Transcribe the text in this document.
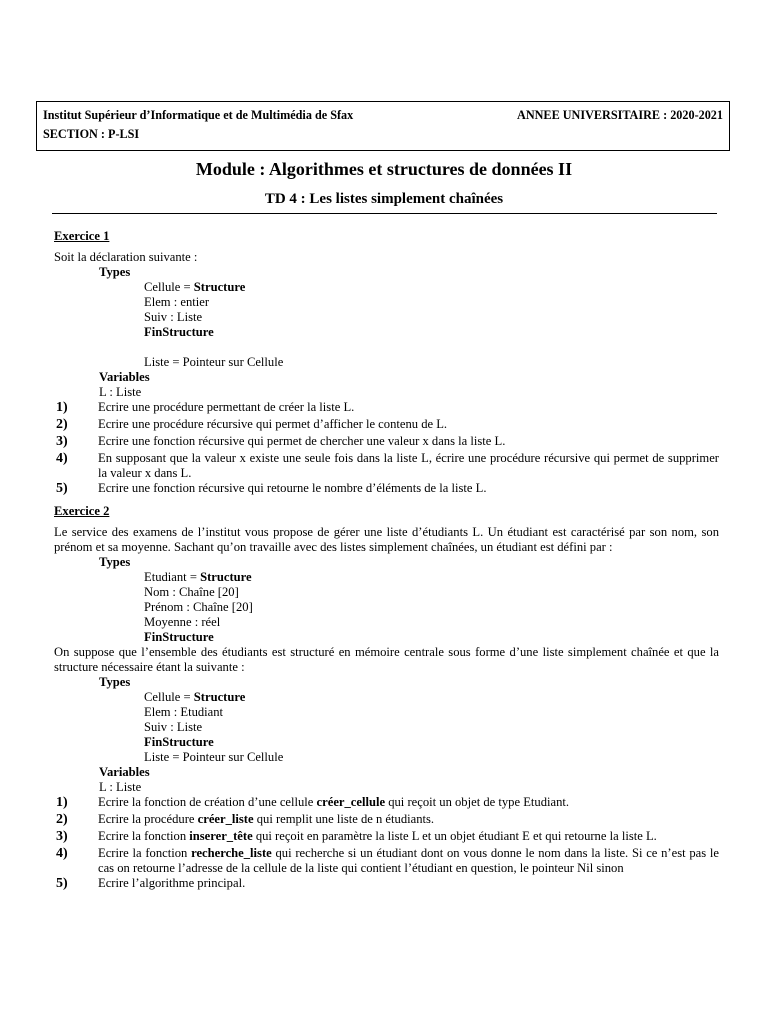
Institut Supérieur d’Informatique et de Multimédia de Sfax	ANNEE UNIVERSITAIRE : 2020-2021
SECTION : P-LSI
Module : Algorithmes et structures de données II
TD 4 : Les listes simplement chaînées
Exercice 1
Soit la déclaration suivante :
Types
Cellule = Structure
Elem : entier
Suiv : Liste
FinStructure
Liste = Pointeur sur Cellule
Variables
L : Liste
1)	Ecrire une procédure permettant de créer la liste L.
2)	Ecrire une procédure récursive qui permet d’afficher le contenu de L.
3)	Ecrire une fonction récursive qui permet de chercher une valeur x dans la liste L.
4)	En supposant que la valeur x existe une seule fois dans la liste L, écrire une procédure récursive qui permet de supprimer la valeur x dans L.
5)	Ecrire une fonction récursive qui retourne le nombre d’éléments de la liste L.
Exercice 2
Le service des examens de l’institut vous propose de gérer une liste d’étudiants L. Un étudiant est caractérisé par son nom, son prénom et sa moyenne. Sachant qu’on travaille avec des listes simplement chaînées, un étudiant est défini par :
Types
Etudiant = Structure
Nom : Chaîne [20]
Prénom : Chaîne [20]
Moyenne : réel
FinStructure
On suppose que l’ensemble des étudiants est structuré en mémoire centrale sous forme d’une liste simplement chaînée et que la structure nécessaire étant la suivante :
Types
Cellule = Structure
Elem : Etudiant
Suiv : Liste
FinStructure
Liste = Pointeur sur Cellule
Variables
L : Liste
1)	Ecrire la fonction de création d’une cellule créer_cellule qui reçoit un objet de type Etudiant.
2)	Ecrire la procédure créer_liste qui remplit une liste de n étudiants.
3)	Ecrire la fonction inserer_tête qui reçoit en paramètre la liste L et un objet étudiant E et qui retourne la liste L.
4)	Ecrire la fonction recherche_liste qui recherche si un étudiant dont on vous donne le nom dans la liste. Si ce n’est pas le cas on retourne l’adresse de la cellule de la liste qui contient l’étudiant en question, le pointeur Nil sinon
5)	Ecrire l’algorithme principal.
